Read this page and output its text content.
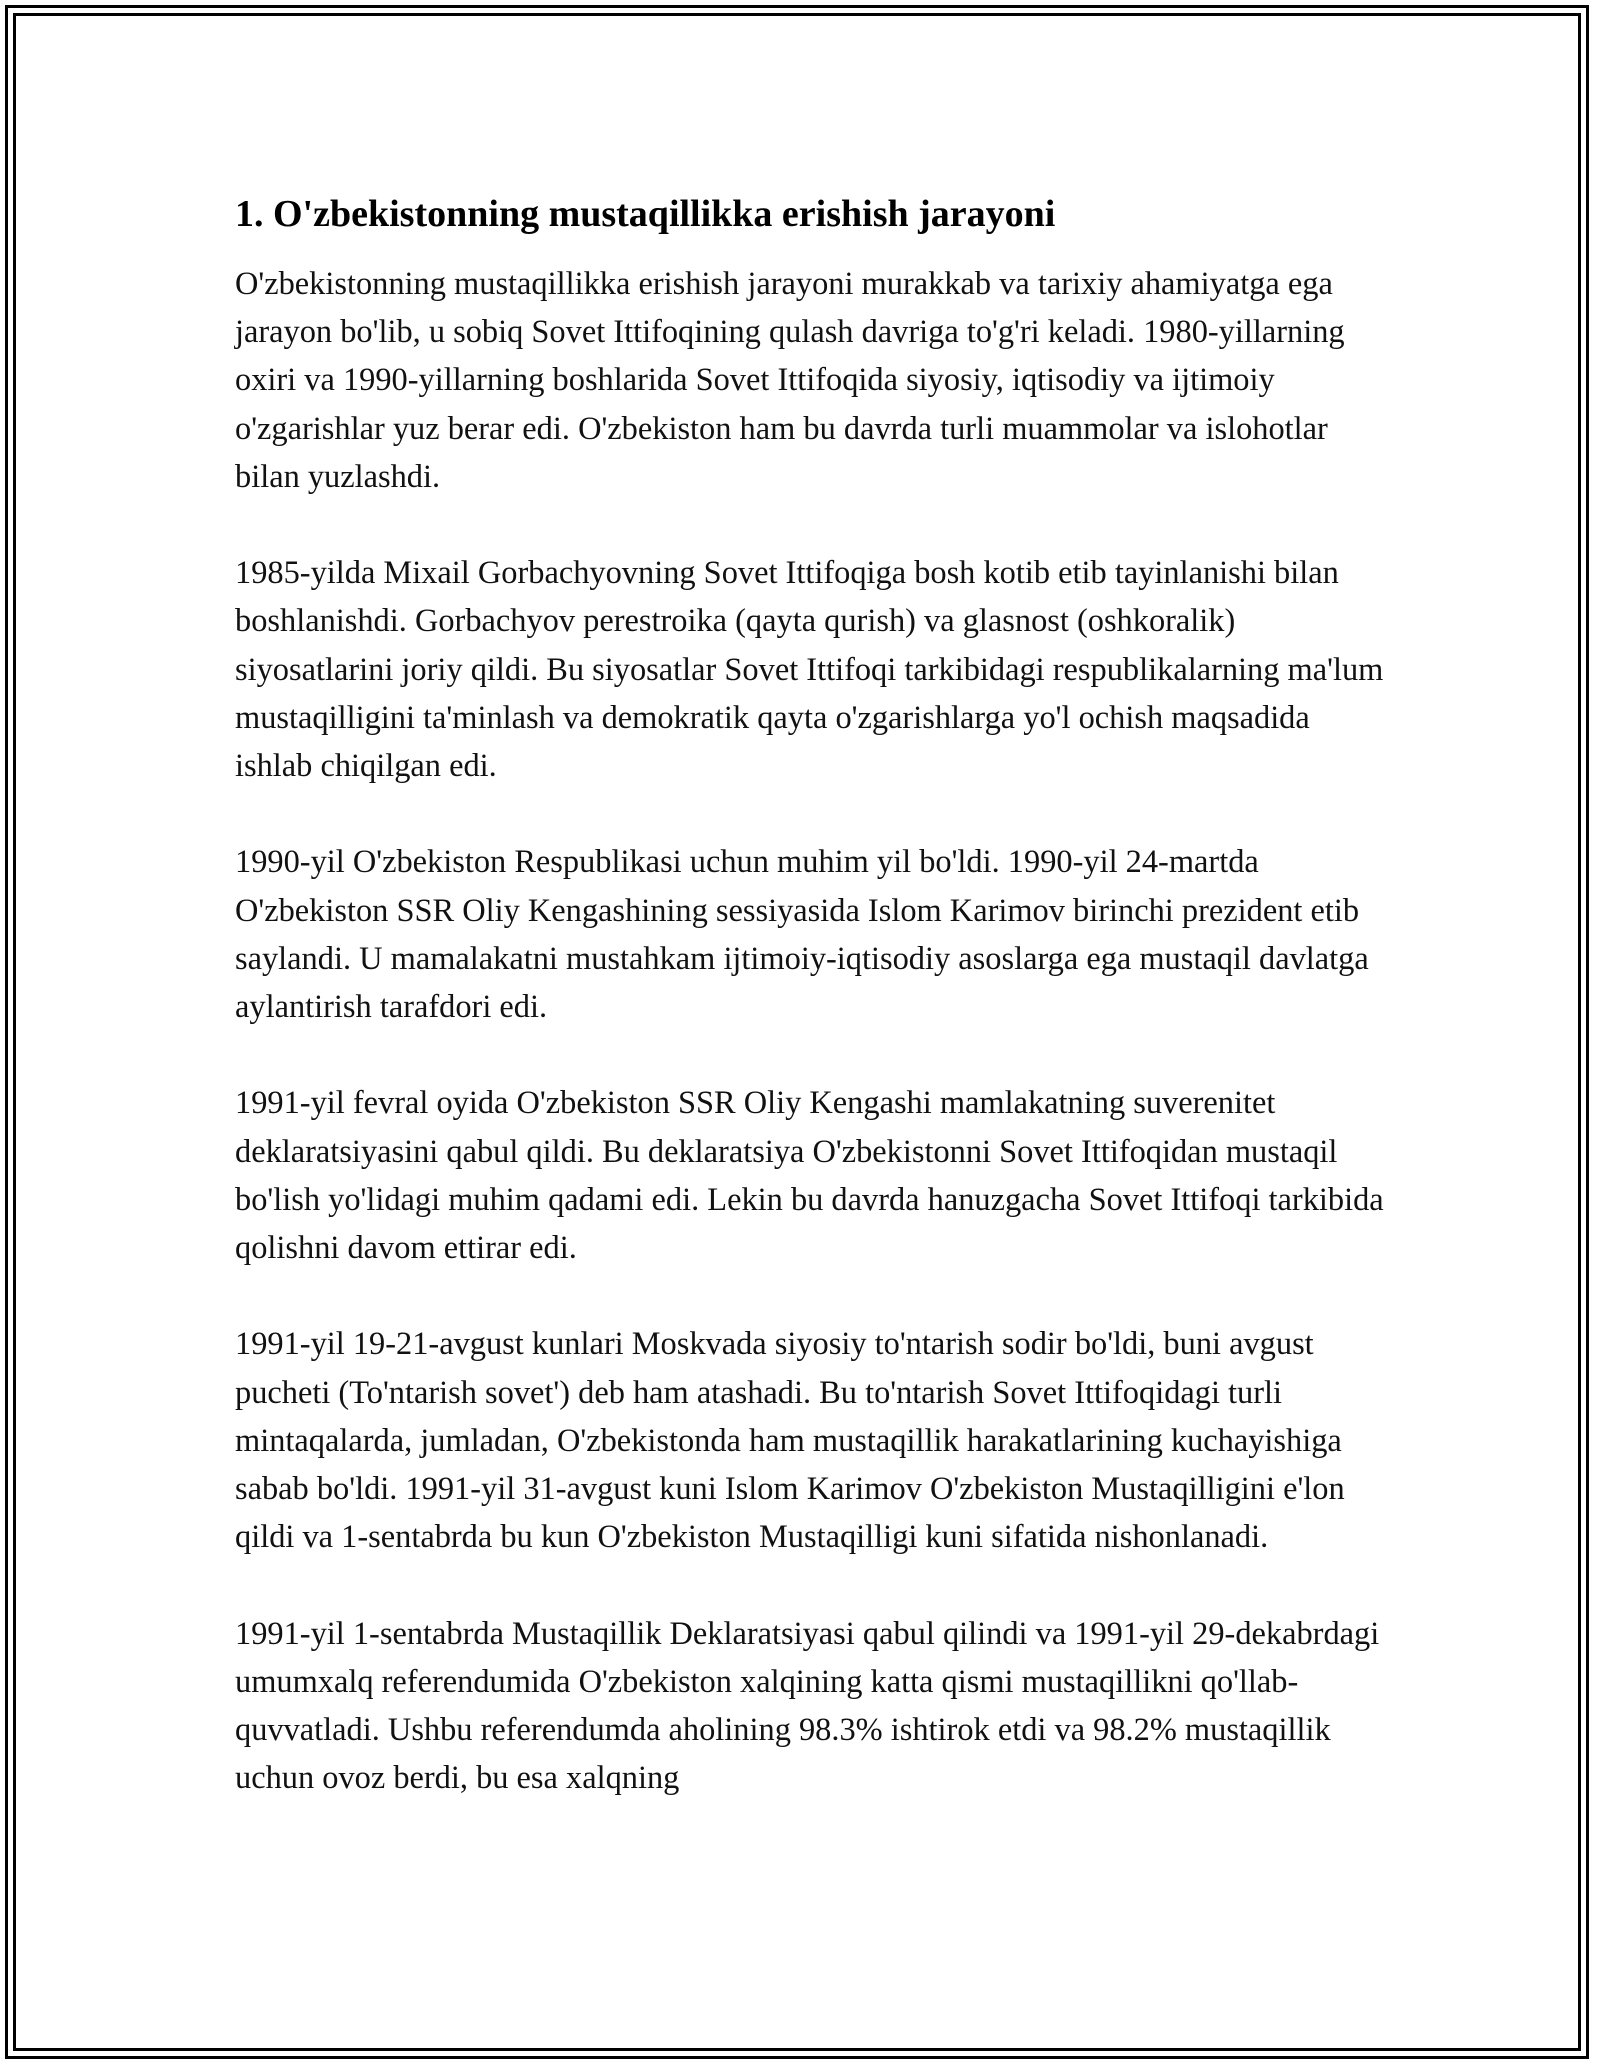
1. O'zbekistonning mustaqillikka erishish jarayoni

O'zbekistonning mustaqillikka erishish jarayoni murakkab va tarixiy ahamiyatga ega jarayon bo'lib, u sobiq Sovet Ittifoqining qulash davriga to'g'ri keladi. 1980-yillarning oxiri va 1990-yillarning boshlarida Sovet Ittifoqida siyosiy, iqtisodiy va ijtimoiy o'zgarishlar yuz berar edi. O'zbekiston ham bu davrda turli muammolar va islohotlar bilan yuzlashdi.

1985-yilda Mixail Gorbachyovning Sovet Ittifoqiga bosh kotib etib tayinlanishi bilan boshlanishdi. Gorbachyov perestroika (qayta qurish) va glasnost (oshkoralik) siyosatlarini joriy qildi. Bu siyosatlar Sovet Ittifoqi tarkibidagi respublikalarning ma'lum mustaqilligini ta'minlash va demokratik qayta o'zgarishlarga yo'l ochish maqsadida ishlab chiqilgan edi.

1990-yil O'zbekiston Respublikasi uchun muhim yil bo'ldi. 1990-yil 24-martda O'zbekiston SSR Oliy Kengashining sessiyasida Islom Karimov birinchi prezident etib saylandi. U mamalakatni mustahkam ijtimoiy-iqtisodiy asoslarga ega mustaqil davlatga aylantirish tarafdori edi.

1991-yil fevral oyida O'zbekiston SSR Oliy Kengashi mamlakatning suverenitet deklaratsiyasini qabul qildi. Bu deklaratsiya O'zbekistonni Sovet Ittifoqidan mustaqil bo'lish yo'lidagi muhim qadami edi. Lekin bu davrda hanuzgacha Sovet Ittifoqi tarkibida qolishni davom ettirar edi.

1991-yil 19-21-avgust kunlari Moskvada siyosiy to'ntarish sodir bo'ldi, buni avgust pucheti (To'ntarish sovet') deb ham atashadi. Bu to'ntarish Sovet Ittifoqidagi turli mintaqalarda, jumladan, O'zbekistonda ham mustaqillik harakatlarining kuchayishiga sabab bo'ldi. 1991-yil 31-avgust kuni Islom Karimov O'zbekiston Mustaqilligini e'lon qildi va 1-sentabrda bu kun O'zbekiston Mustaqilligi kuni sifatida nishonlanadi.

1991-yil 1-sentabrda Mustaqillik Deklaratsiyasi qabul qilindi va 1991-yil 29-dekabrdagi umumxalq referendumida O'zbekiston xalqining katta qismi mustaqillikni qo'llab-quvvatladi. Ushbu referendumda aholining 98.3% ishtirok etdi va 98.2% mustaqillik uchun ovoz berdi, bu esa xalqning
